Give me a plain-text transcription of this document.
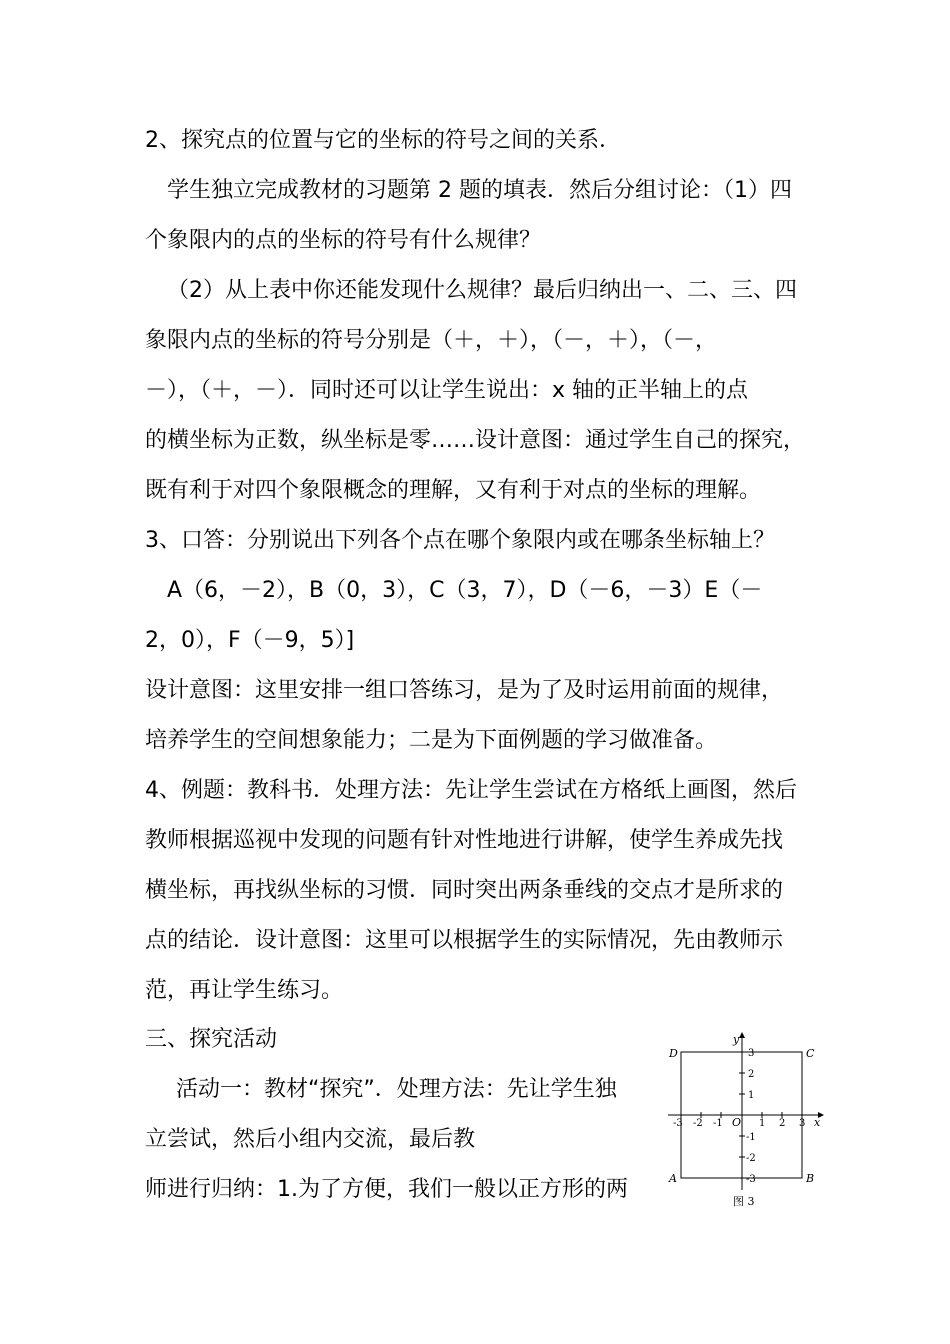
2、探究点的位置与它的坐标的符号之间的关系．
学生独立完成教材的习题第 2 题的填表．然后分组讨论：（1）四
个象限内的点的坐标的符号有什么规律？
（2）从上表中你还能发现什么规律？最后归纳出一、二、三、四
象限内点的坐标的符号分别是（＋，＋），（－，＋），（－，
－），（＋，－）．同时还可以让学生说出：x 轴的正半轴上的点
的横坐标为正数，纵坐标是零……设计意图：通过学生自己的探究，
既有利于对四个象限概念的理解，又有利于对点的坐标的理解。
3、口答：分别说出下列各个点在哪个象限内或在哪条坐标轴上？
A（6，－2），B（0，3），C（3，7），D（－6，－3）E（－
2，0），F（－9，5）]
设计意图：这里安排一组口答练习，是为了及时运用前面的规律，
培养学生的空间想象能力；二是为下面例题的学习做准备。
4、例题：教科书．处理方法：先让学生尝试在方格纸上画图，然后
教师根据巡视中发现的问题有针对性地进行讲解，使学生养成先找
横坐标，再找纵坐标的习惯．同时突出两条垂线的交点才是所求的
点的结论．设计意图：这里可以根据学生的实际情况，先由教师示
范，再让学生练习。
三、探究活动
活动一：教材“探究”．处理方法：先让学生独
立尝试，然后小组内交流，最后教
师进行归纳：1.为了方便，我们一般以正方形的两
y
x
O
-3 -2 -1	1 2 3
3
2
1
-1
-2
-3
D	C
A	B
图 3
